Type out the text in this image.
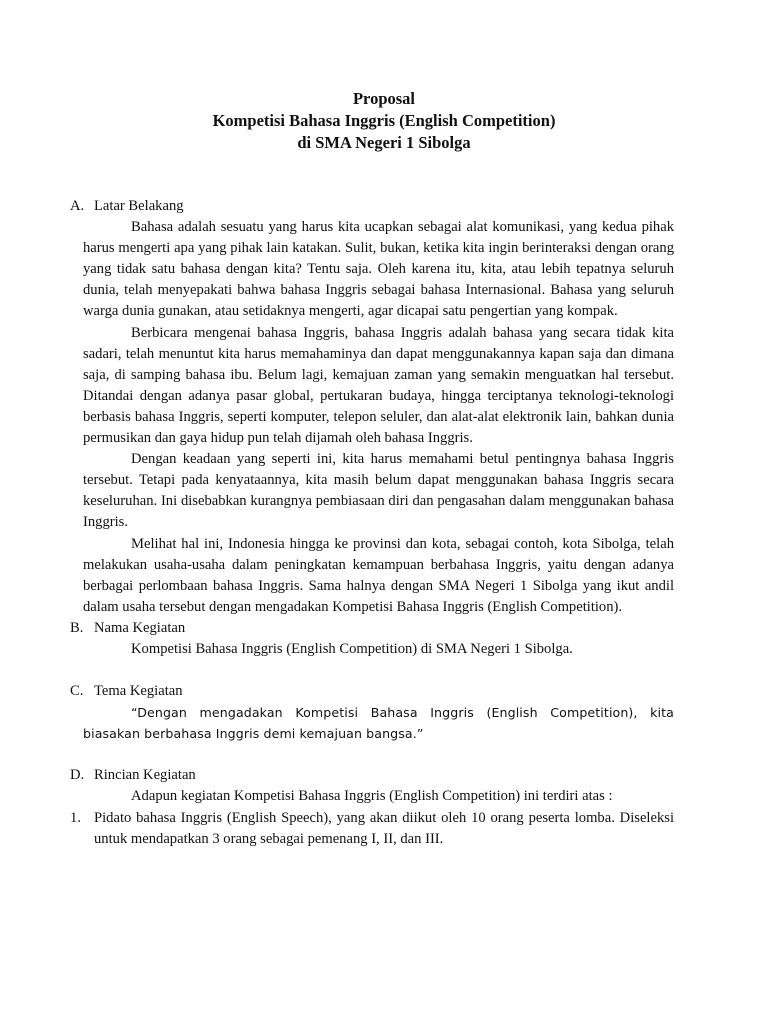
Proposal
Kompetisi Bahasa Inggris (English Competition)
di SMA Negeri 1 Sibolga
A. Latar Belakang

Bahasa adalah sesuatu yang harus kita ucapkan sebagai alat komunikasi, yang kedua pihak harus mengerti apa yang pihak lain katakan. Sulit, bukan, ketika kita ingin berinteraksi dengan orang yang tidak satu bahasa dengan kita? Tentu saja. Oleh karena itu, kita, atau lebih tepatnya seluruh dunia, telah menyepakati bahwa bahasa Inggris sebagai bahasa Internasional. Bahasa yang seluruh warga dunia gunakan, atau setidaknya mengerti, agar dicapai satu pengertian yang kompak.

Berbicara mengenai bahasa Inggris, bahasa Inggris adalah bahasa yang secara tidak kita sadari, telah menuntut kita harus memahaminya dan dapat menggunakannya kapan saja dan dimana saja, di samping bahasa ibu. Belum lagi, kemajuan zaman yang semakin menguatkan hal tersebut. Ditandai dengan adanya pasar global, pertukaran budaya, hingga terciptanya teknologi-teknologi berbasis bahasa Inggris, seperti komputer, telepon seluler, dan alat-alat elektronik lain, bahkan dunia permusikan dan gaya hidup pun telah dijamah oleh bahasa Inggris.

Dengan keadaan yang seperti ini, kita harus memahami betul pentingnya bahasa Inggris tersebut. Tetapi pada kenyataannya, kita masih belum dapat menggunakan bahasa Inggris secara keseluruhan. Ini disebabkan kurangnya pembiasaan diri dan pengasahan dalam menggunakan bahasa Inggris.

Melihat hal ini, Indonesia hingga ke provinsi dan kota, sebagai contoh, kota Sibolga, telah melakukan usaha-usaha dalam peningkatan kemampuan berbahasa Inggris, yaitu dengan adanya berbagai perlombaan bahasa Inggris. Sama halnya dengan SMA Negeri 1 Sibolga yang ikut andil dalam usaha tersebut dengan mengadakan Kompetisi Bahasa Inggris (English Competition).

B. Nama Kegiatan

Kompetisi Bahasa Inggris (English Competition) di SMA Negeri 1 Sibolga.

C. Tema Kegiatan

“Dengan mengadakan Kompetisi Bahasa Inggris (English Competition), kita biasakan berbahasa Inggris demi kemajuan bangsa.”

D. Rincian Kegiatan

Adapun kegiatan Kompetisi Bahasa Inggris (English Competition) ini terdiri atas :

1. Pidato bahasa Inggris (English Speech), yang akan diikut oleh 10 orang peserta lomba. Diseleksi untuk mendapatkan 3 orang sebagai pemenang I, II, dan III.
